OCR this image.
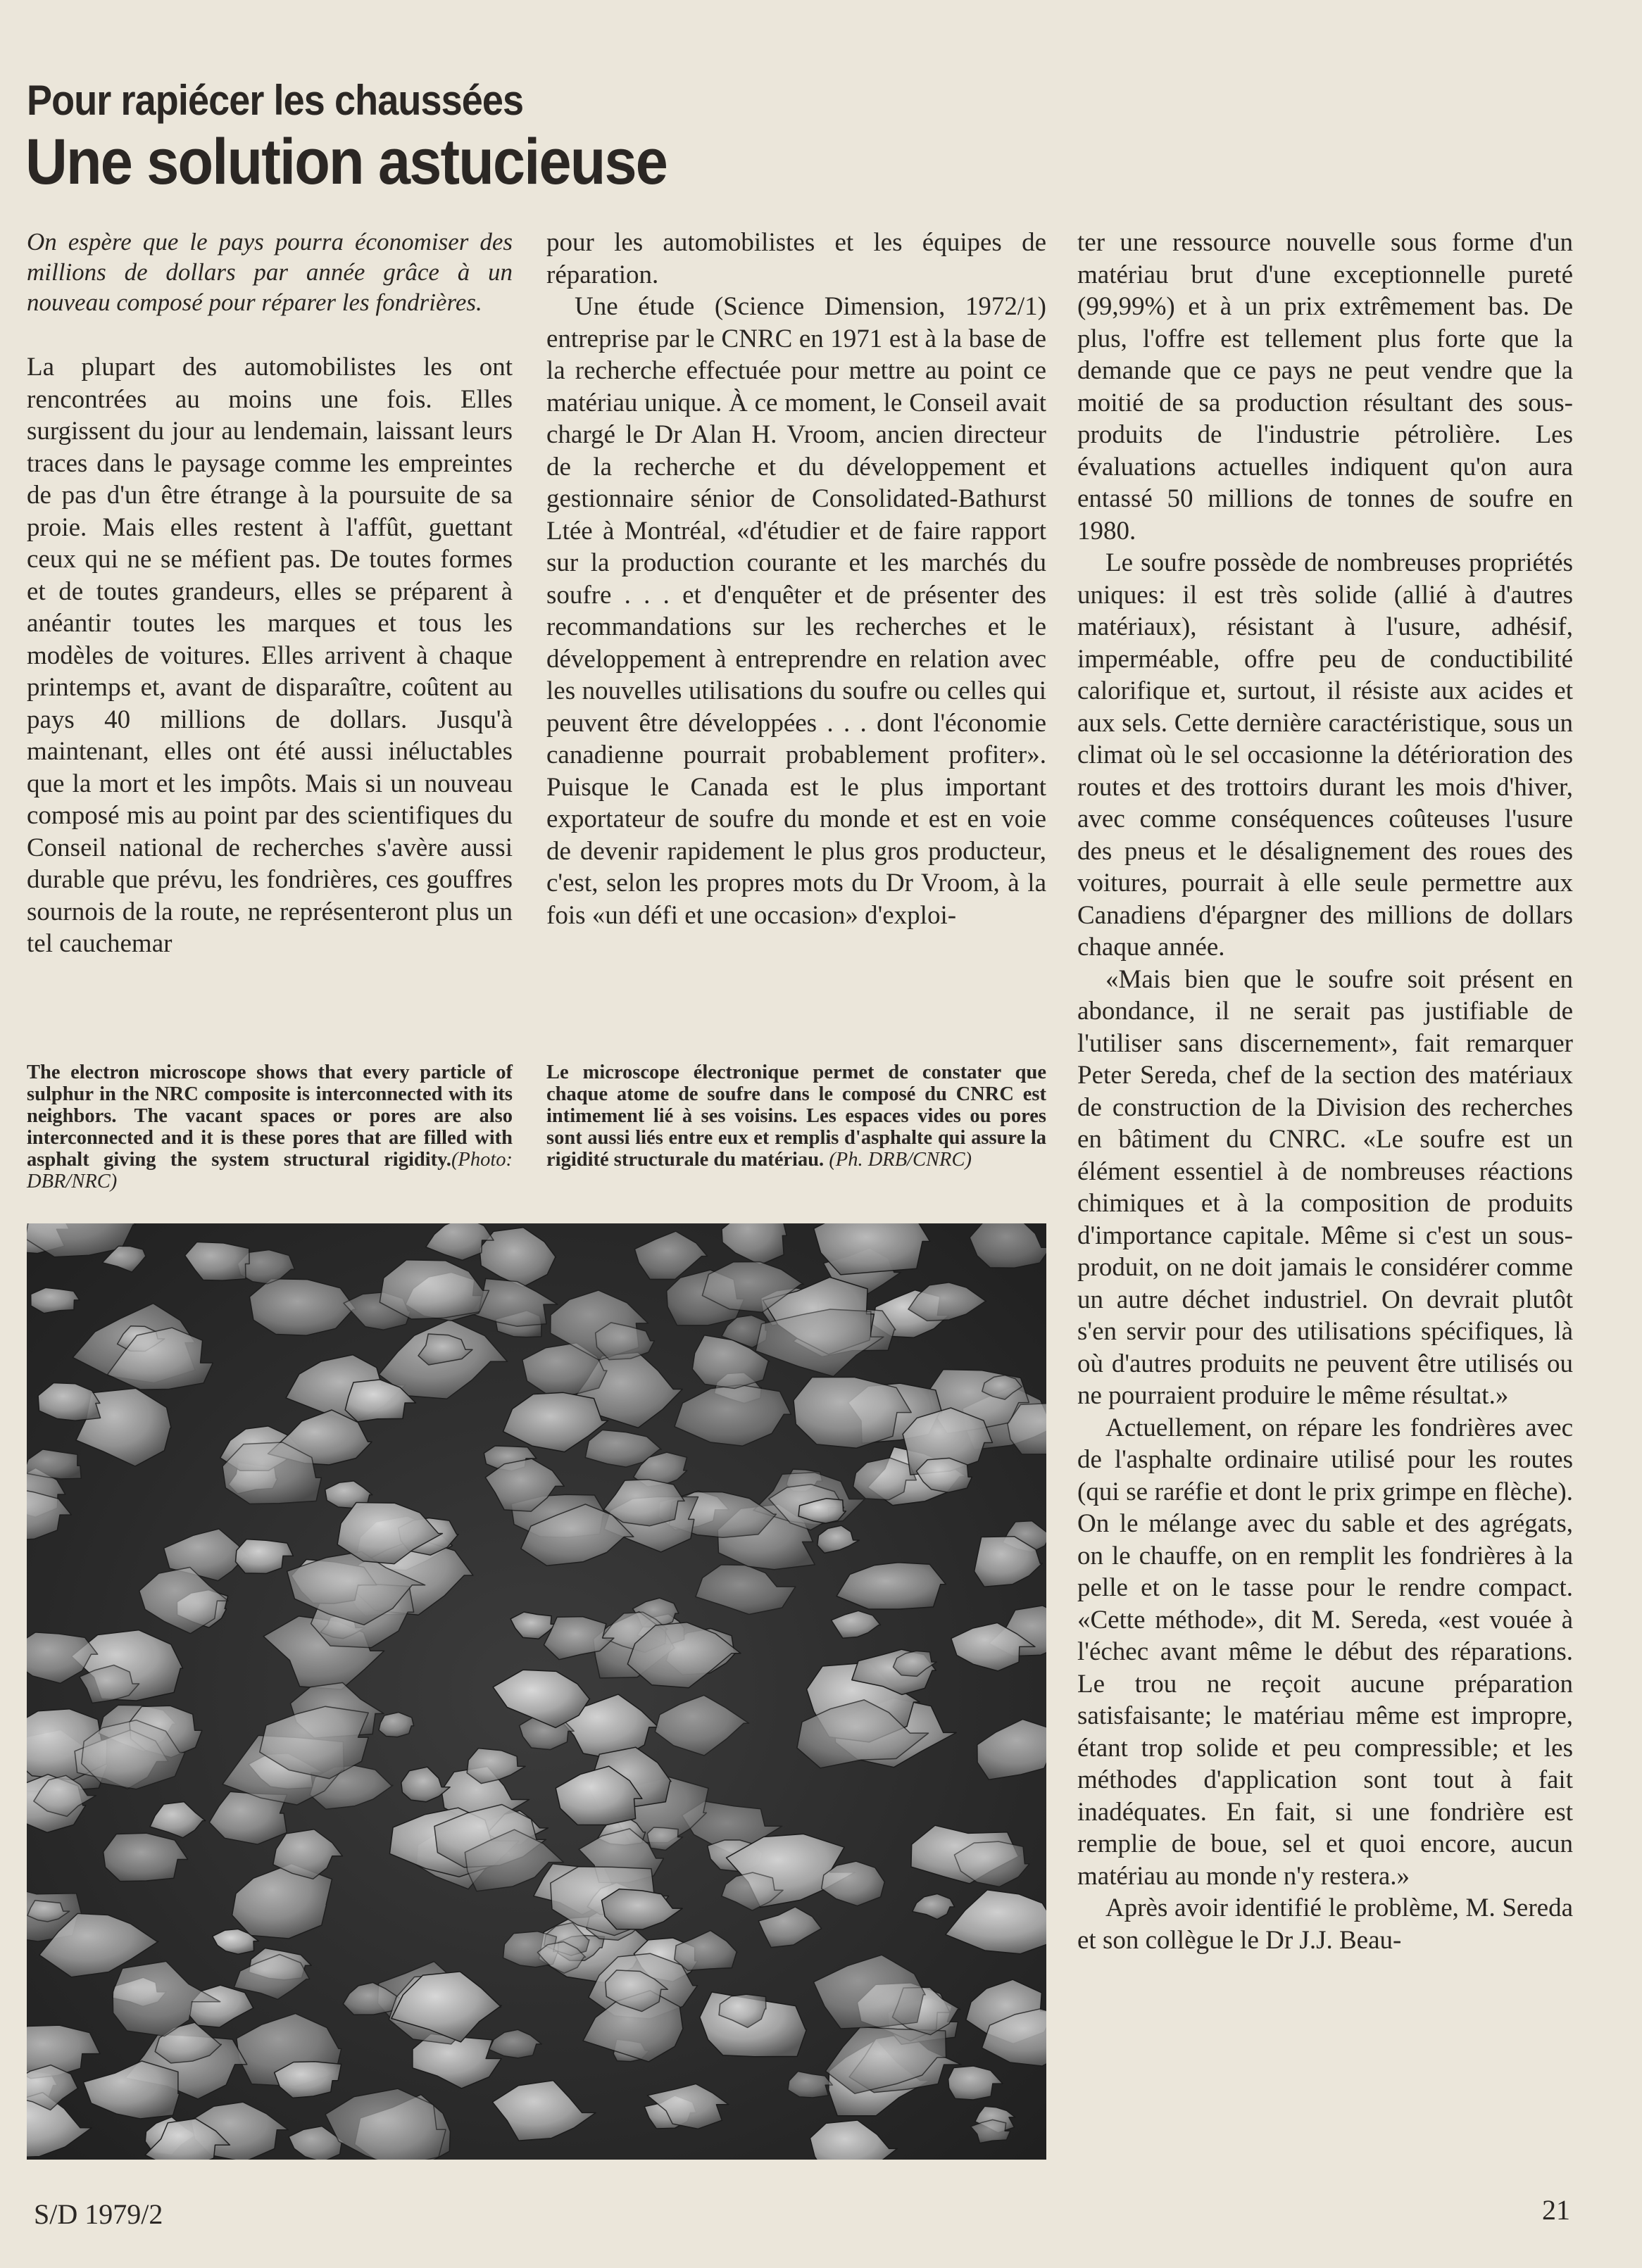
Pour rapiécer les chaussées
Une solution astucieuse

On espère que le pays pourra économiser des millions de dollars par année grâce à un nouveau composé pour réparer les fondrières.

La plupart des automobilistes les ont rencontrées au moins une fois. Elles surgissent du jour au lendemain, laissant leurs traces dans le paysage comme les empreintes de pas d'un être étrange à la poursuite de sa proie. Mais elles restent à l'affût, guettant ceux qui ne se méfient pas. De toutes formes et de toutes grandeurs, elles se préparent à anéantir toutes les marques et tous les modèles de voitures. Elles arrivent à chaque printemps et, avant de disparaître, coûtent au pays 40 millions de dollars. Jusqu'à maintenant, elles ont été aussi inéluctables que la mort et les impôts. Mais si un nouveau composé mis au point par des scientifiques du Conseil national de recherches s'avère aussi durable que prévu, les fondrières, ces gouffres sournois de la route, ne représenteront plus un tel cauchemar

pour les automobilistes et les équipes de réparation.

Une étude (Science Dimension, 1972/1) entreprise par le CNRC en 1971 est à la base de la recherche effectuée pour mettre au point ce matériau unique. À ce moment, le Conseil avait chargé le Dr Alan H. Vroom, ancien directeur de la recherche et du développement et gestionnaire sénior de Consolidated-Bathurst Ltée à Montréal, «d'étudier et de faire rapport sur la production courante et les marchés du soufre . . . et d'enquêter et de présenter des recommandations sur les recherches et le développement à entreprendre en relation avec les nouvelles utilisations du soufre ou celles qui peuvent être développées . . . dont l'économie canadienne pourrait probablement profiter». Puisque le Canada est le plus important exportateur de soufre du monde et est en voie de devenir rapidement le plus gros producteur, c'est, selon les propres mots du Dr Vroom, à la fois «un défi et une occasion» d'exploi-

ter une ressource nouvelle sous forme d'un matériau brut d'une exceptionnelle pureté (99,99%) et à un prix extrêmement bas. De plus, l'offre est tellement plus forte que la demande que ce pays ne peut vendre que la moitié de sa production résultant des sous-produits de l'industrie pétrolière. Les évaluations actuelles indiquent qu'on aura entassé 50 millions de tonnes de soufre en 1980.

Le soufre possède de nombreuses propriétés uniques: il est très solide (allié à d'autres matériaux), résistant à l'usure, adhésif, imperméable, offre peu de conductibilité calorifique et, surtout, il résiste aux acides et aux sels. Cette dernière caractéristique, sous un climat où le sel occasionne la détérioration des routes et des trottoirs durant les mois d'hiver, avec comme conséquences coûteuses l'usure des pneus et le désalignement des roues des voitures, pourrait à elle seule permettre aux Canadiens d'épargner des millions de dollars chaque année.

«Mais bien que le soufre soit présent en abondance, il ne serait pas justifiable de l'utiliser sans discernement», fait remarquer Peter Sereda, chef de la section des matériaux de construction de la Division des recherches en bâtiment du CNRC. «Le soufre est un élément essentiel à de nombreuses réactions chimiques et à la composition de produits d'importance capitale. Même si c'est un sous-produit, on ne doit jamais le considérer comme un autre déchet industriel. On devrait plutôt s'en servir pour des utilisations spécifiques, là où d'autres produits ne peuvent être utilisés ou ne pourraient produire le même résultat.»

Actuellement, on répare les fondrières avec de l'asphalte ordinaire utilisé pour les routes (qui se raréfie et dont le prix grimpe en flèche). On le mélange avec du sable et des agrégats, on le chauffe, on en remplit les fondrières à la pelle et on le tasse pour le rendre compact. «Cette méthode», dit M. Sereda, «est vouée à l'échec avant même le début des réparations. Le trou ne reçoit aucune préparation satisfaisante; le matériau même est impropre, étant trop solide et peu compressible; et les méthodes d'application sont tout à fait inadéquates. En fait, si une fondrière est remplie de boue, sel et quoi encore, aucun matériau au monde n'y restera.»

Après avoir identifié le problème, M. Sereda et son collègue le Dr J.J. Beau-

The electron microscope shows that every particle of sulphur in the NRC composite is interconnected with its neighbors. The vacant spaces or pores are also interconnected and it is these pores that are filled with asphalt giving the system structural rigidity.(Photo: DBR/NRC)
Le microscope électronique permet de constater que chaque atome de soufre dans le composé du CNRC est intimement lié à ses voisins. Les espaces vides ou pores sont aussi liés entre eux et remplis d'asphalte qui assure la rigidité structurale du matériau. (Ph. DRB/CNRC)
S/D 1979/2	21
